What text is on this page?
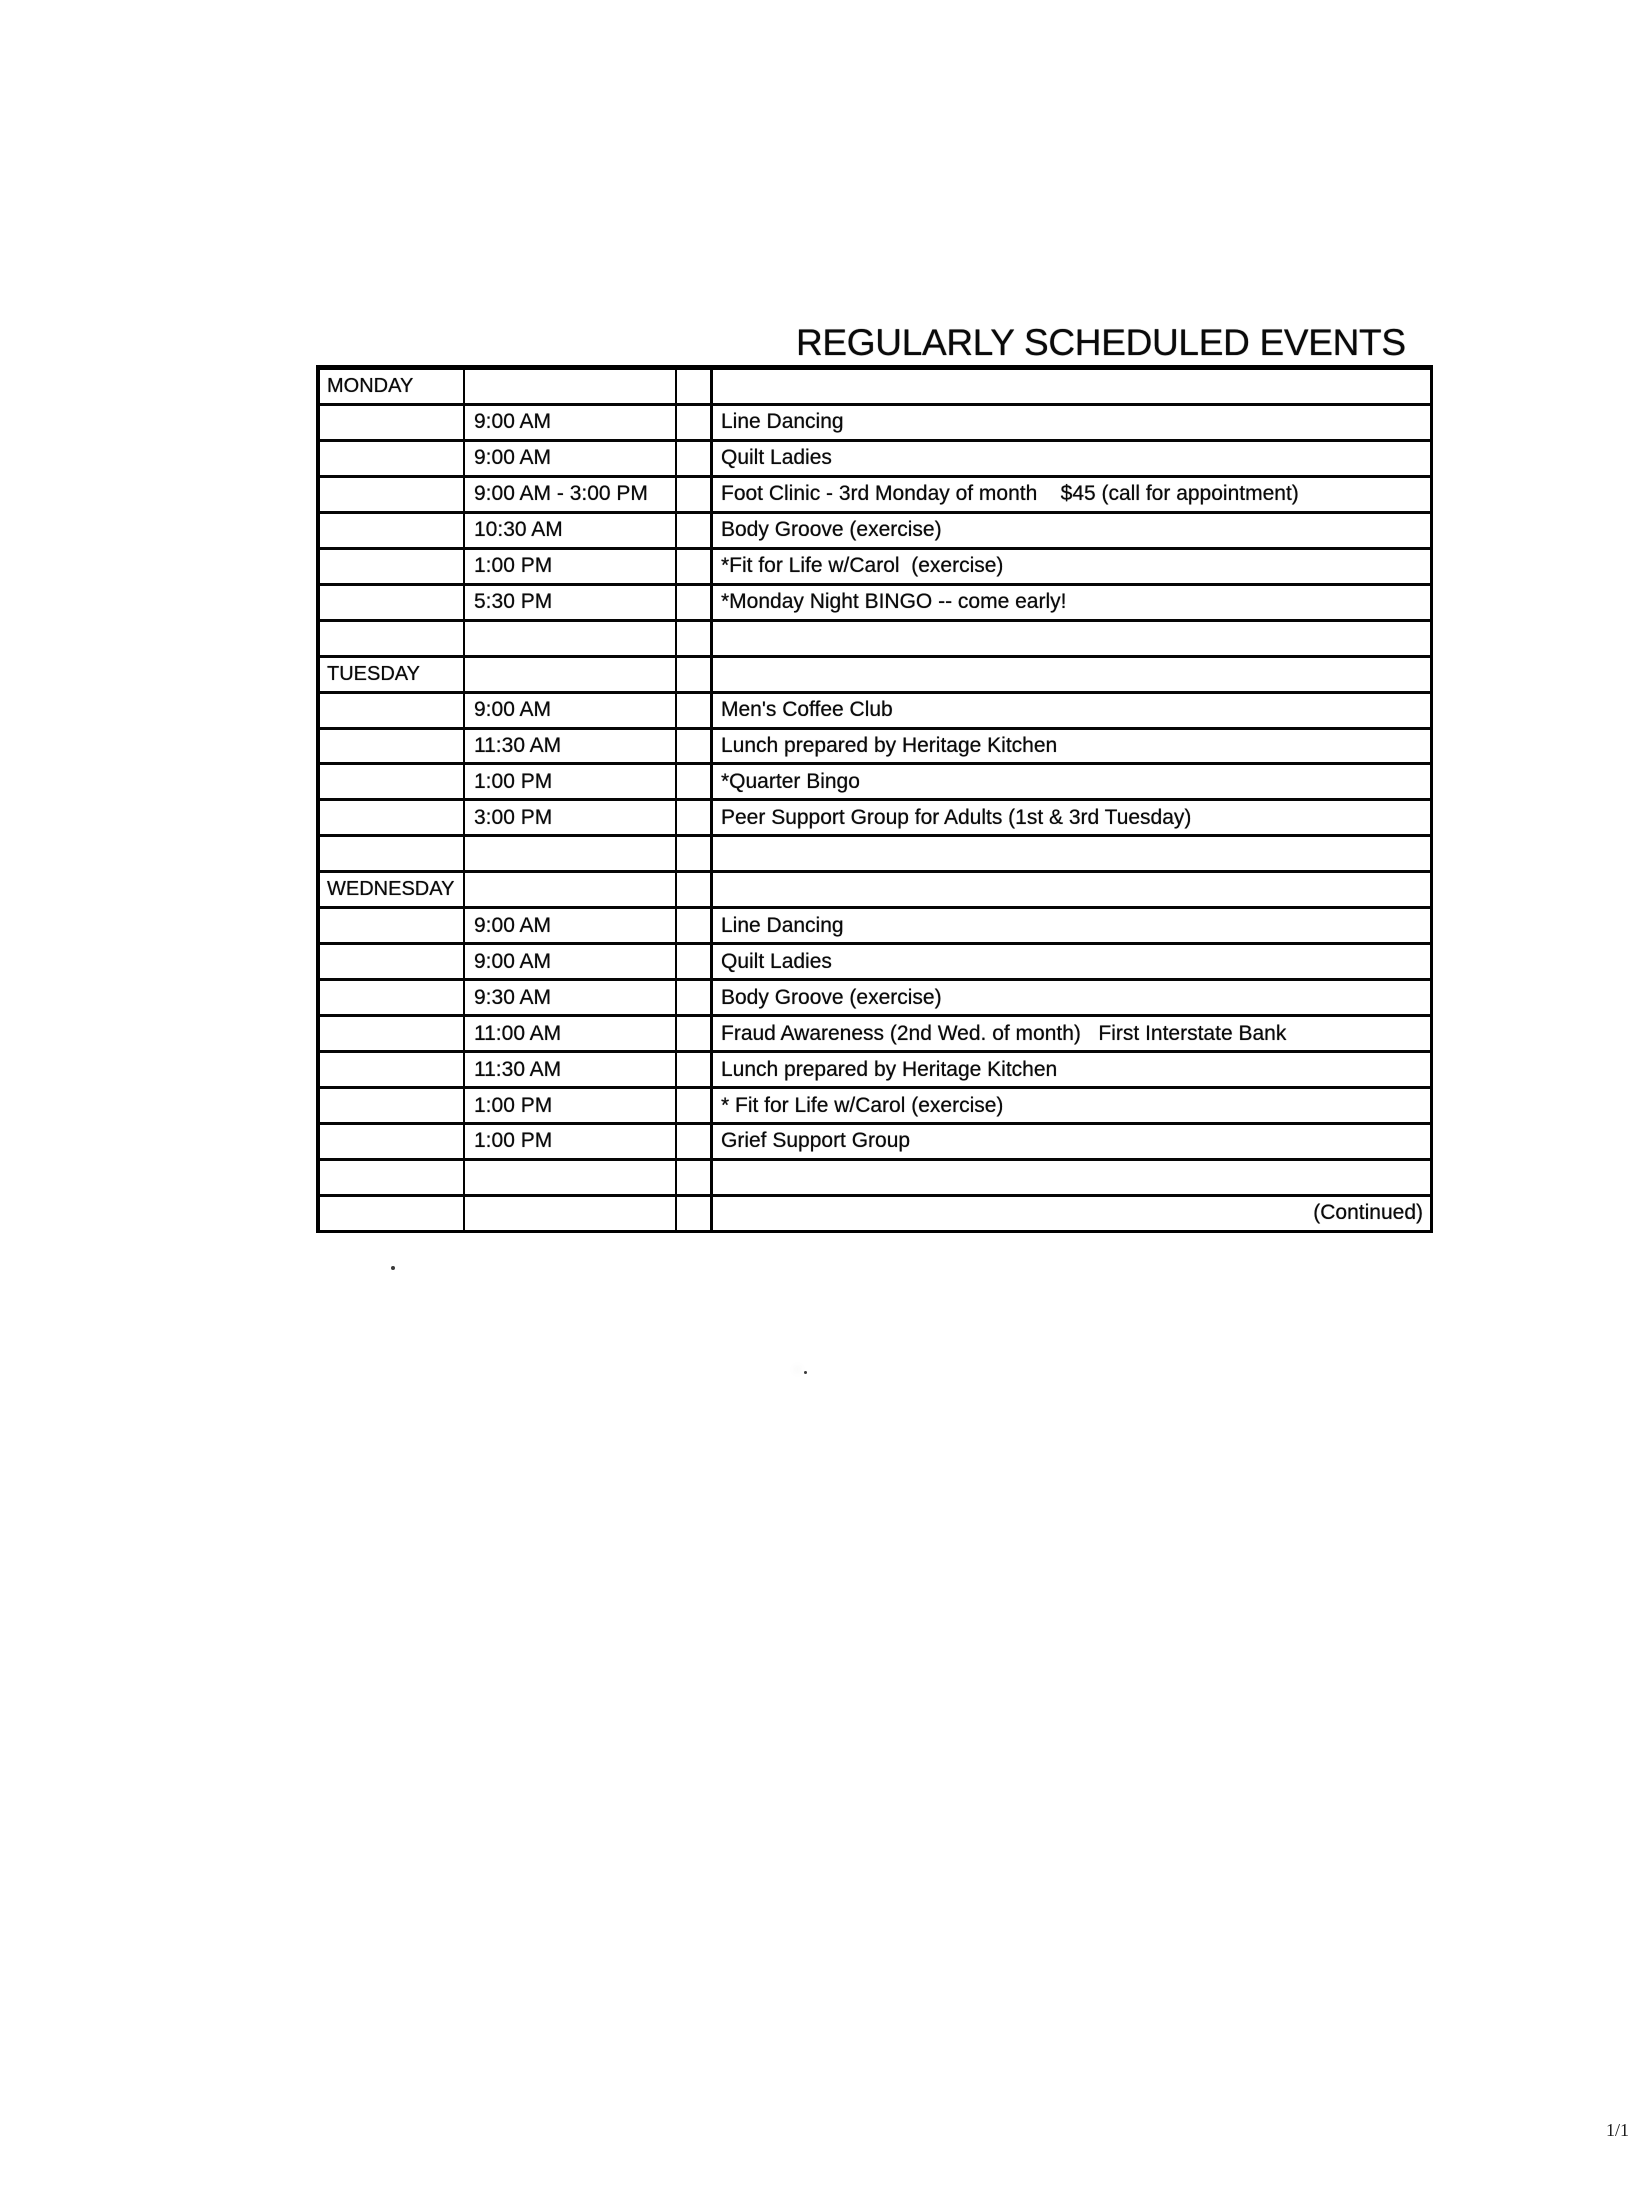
REGULARLY SCHEDULED EVENTS
MONDAY
9:00 AM	Line Dancing
9:00 AM	Quilt Ladies
9:00 AM - 3:00 PM	Foot Clinic - 3rd Monday of month    $45 (call for appointment)
10:30 AM	Body Groove (exercise)
1:00 PM	*Fit for Life w/Carol  (exercise)
5:30 PM	*Monday Night BINGO -- come early!
TUESDAY
9:00 AM	Men's Coffee Club
11:30 AM	Lunch prepared by Heritage Kitchen
1:00 PM	*Quarter Bingo
3:00 PM	Peer Support Group for Adults (1st & 3rd Tuesday)
WEDNESDAY
9:00 AM	Line Dancing
9:00 AM	Quilt Ladies
9:30 AM	Body Groove (exercise)
11:00 AM	Fraud Awareness (2nd Wed. of month)   First Interstate Bank
11:30 AM	Lunch prepared by Heritage Kitchen
1:00 PM	* Fit for Life w/Carol (exercise)
1:00 PM	Grief Support Group
(Continued)
1/1
